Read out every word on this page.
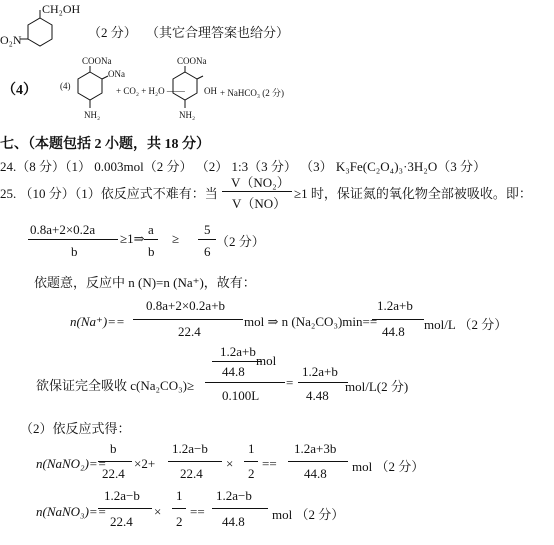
CH₂OH
O₂N	（2 分） （其它合理答案也给分）
（4）
COONa
ONa
(4)
NH₂
+ CO₂ + H₂O ——
COONa
OH + NaHCO₃ (2 分)
NH₂
七、（本题包括 2 小题，共 18 分）
24.（8 分）（1） 0.003mol（2 分） （2） 1:3（3 分） （3） K₃Fe(C₂O₄)₃·3H₂O（3 分）
25. （10 分）（1）依反应式不难有：当
V（NO₂）
V（NO）
≥1 时，保证氮的氧化物全部被吸收。即：
0.8a+2×0.2a
b
≥1⇒
a
b
≥
5
6
（2 分）
依题意，反应中 n (N)=n (Na⁺)，故有：
n(Na⁺)==
0.8a+2×0.2a+b
22.4
mol ⇒ n (Na₂CO₃)min==
1.2a+b
44.8 mol/L （2 分）
1.2a+b
44.8
mol
欲保证完全吸收 c(Na₂CO₃)≥
0.100L
=
1.2a+b
4.48
mol/L(2 分)
（2）依反应式得：
n(NaNO₂)==
b
22.4
×2+
1.2a−b
22.4
×
1
2
==
1.2a+3b
44.8 mol （2 分）
n(NaNO₃)==
1.2a−b
22.4
×
1
2
==
1.2a−b
44.8 mol （2 分）
